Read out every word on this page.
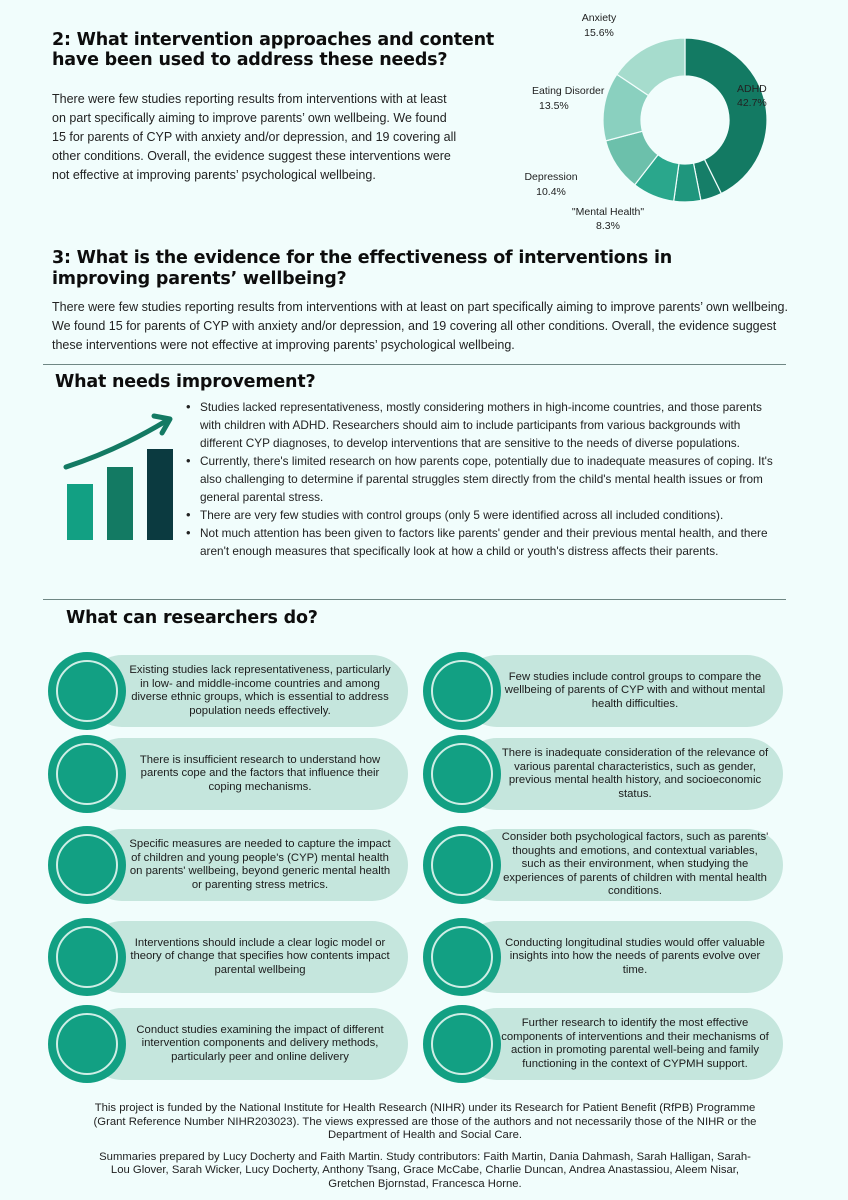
2: What intervention approaches and content have been used to address these needs?
There were few studies reporting results from interventions with at least on part specifically aiming to improve parents’ own wellbeing. We found 15 for parents of CYP with anxiety and/or depression, and 19 covering all other conditions. Overall, the evidence suggest these interventions were not effective at improving parents’ psychological wellbeing.
Anxiety 15.6%
ADHD 42.7%
Eating Disorder 13.5%
Depression 10.4%
"Mental Health" 8.3%
3: What is the evidence for the effectiveness of interventions in improving parents’ wellbeing?
There were few studies reporting results from interventions with at least on part specifically aiming to improve parents’ own wellbeing. We found 15 for parents of CYP with anxiety and/or depression, and 19 covering all other conditions. Overall, the evidence suggest these interventions were not effective at improving parents’ psychological wellbeing.
What needs improvement?
• Studies lacked representativeness, mostly considering mothers in high-income countries, and those parents with children with ADHD. Researchers should aim to include participants from various backgrounds with different CYP diagnoses, to develop interventions that are sensitive to the needs of diverse populations.
• Currently, there's limited research on how parents cope, potentially due to inadequate measures of coping. It's also challenging to determine if parental struggles stem directly from the child's mental health issues or from general parental stress.
• There are very few studies with control groups (only 5 were identified across all included conditions).
• Not much attention has been given to factors like parents' gender and their previous mental health, and there aren't enough measures that specifically look at how a child or youth's distress affects their parents.
What can researchers do?
Existing studies lack representativeness, particularly in low- and middle-income countries and among diverse ethnic groups, which is essential to address population needs effectively.
Few studies include control groups to compare the wellbeing of parents of CYP with and without mental health difficulties.
There is insufficient research to understand how parents cope and the factors that influence their coping mechanisms.
There is inadequate consideration of the relevance of various parental characteristics, such as gender, previous mental health history, and socioeconomic status.
Specific measures are needed to capture the impact of children and young people's (CYP) mental health on parents' wellbeing, beyond generic mental health or parenting stress metrics.
Consider both psychological factors, such as parents' thoughts and emotions, and contextual variables, such as their environment, when studying the experiences of parents of children with mental health conditions.
Interventions should include a clear logic model or theory of change that specifies how contents impact parental wellbeing
Conducting longitudinal studies would offer valuable insights into how the needs of parents evolve over time.
Conduct studies examining the impact of different intervention components and delivery methods, particularly peer and online delivery
Further research to identify the most effective components of interventions and their mechanisms of action in promoting parental well-being and family functioning in the context of CYPMH support.

This project is funded by the National Institute for Health Research (NIHR) under its Research for Patient Benefit (RfPB) Programme (Grant Reference Number NIHR203023). The views expressed are those of the authors and not necessarily those of the NIHR or the Department of Health and Social Care.

Summaries prepared by Lucy Docherty and Faith Martin. Study contributors: Faith Martin, Dania Dahmash, Sarah Halligan, Sarah-Lou Glover, Sarah Wicker, Lucy Docherty, Anthony Tsang, Grace McCabe, Charlie Duncan, Andrea Anastassiou, Aleem Nisar, Gretchen Bjornstad, Francesca Horne.
